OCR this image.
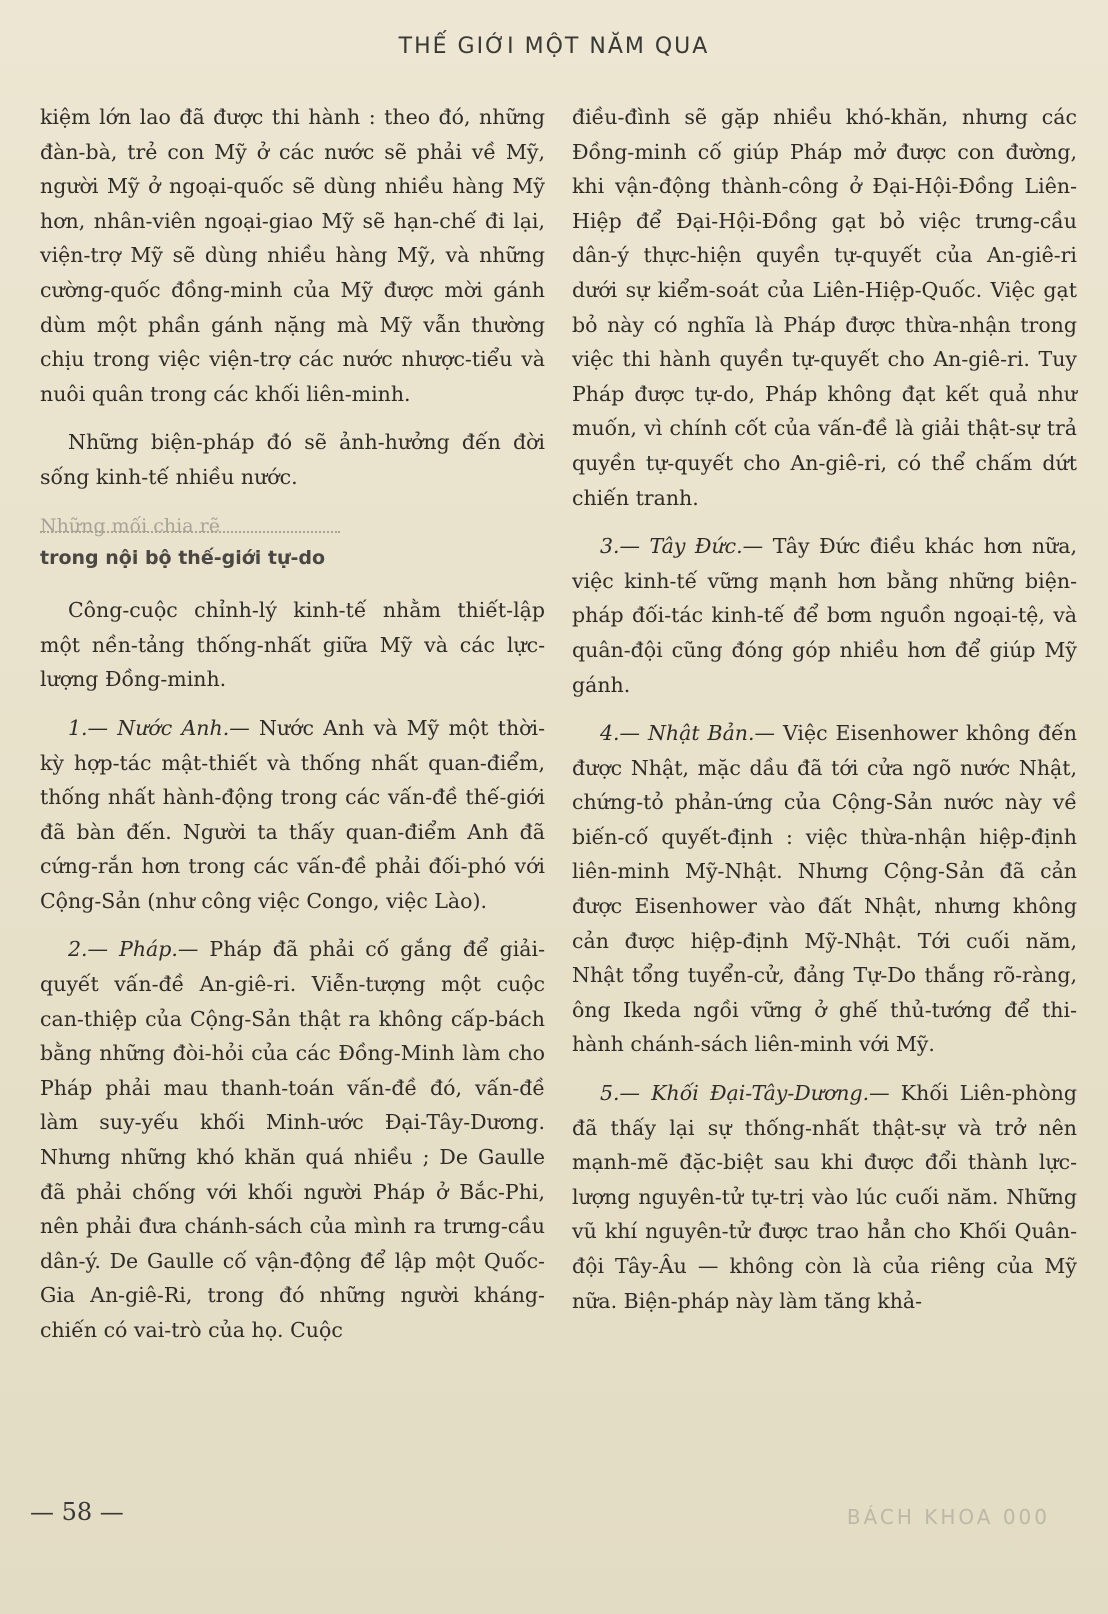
THẾ GIỚI MỘT NĂM QUA

kiệm lớn lao đã được thi hành : theo đó, những đàn-bà, trẻ con Mỹ ở các nước sẽ phải về Mỹ, người Mỹ ở ngoại-quốc sẽ dùng nhiều hàng Mỹ hơn, nhân-viên ngoại-giao Mỹ sẽ hạn-chế đi lại, viện-trợ Mỹ sẽ dùng nhiều hàng Mỹ, và những cường-quốc đồng-minh của Mỹ được mời gánh dùm một phần gánh nặng mà Mỹ vẫn thường chịu trong việc viện-trợ các nước nhược-tiểu và nuôi quân trong các khối liên-minh.

Những biện-pháp đó sẽ ảnh-hưởng đến đời sống kinh-tế nhiều nước.

Những mối chia rẽ
trong nội bộ thế-giới tự-do

Công-cuộc chỉnh-lý kinh-tế nhằm thiết-lập một nền-tảng thống-nhất giữa Mỹ và các lực-lượng Đồng-minh.

1.— Nước Anh.— Nước Anh và Mỹ một thời-kỳ hợp-tác mật-thiết và thống nhất quan-điểm, thống nhất hành-động trong các vấn-đề thế-giới đã bàn đến. Người ta thấy quan-điểm Anh đã cứng-rắn hơn trong các vấn-đề phải đối-phó với Cộng-Sản (như công việc Congo, việc Lào).

2.— Pháp.— Pháp đã phải cố gắng để giải-quyết vấn-đề An-giê-ri. Viễn-tượng một cuộc can-thiệp của Cộng-Sản thật ra không cấp-bách bằng những đòi-hỏi của các Đồng-Minh làm cho Pháp phải mau thanh-toán vấn-đề đó, vấn-đề làm suy-yếu khối Minh-ước Đại-Tây-Dương. Nhưng những khó khăn quá nhiều ; De Gaulle đã phải chống với khối người Pháp ở Bắc-Phi, nên phải đưa chánh-sách của mình ra trưng-cầu dân-ý. De Gaulle cố vận-động để lập một Quốc-Gia An-giê-Ri, trong đó những người kháng-chiến có vai-trò của họ. Cuộc

điều-đình sẽ gặp nhiều khó-khăn, nhưng các Đồng-minh cố giúp Pháp mở được con đường, khi vận-động thành-công ở Đại-Hội-Đồng Liên-Hiệp để Đại-Hội-Đồng gạt bỏ việc trưng-cầu dân-ý thực-hiện quyền tự-quyết của An-giê-ri dưới sự kiểm-soát của Liên-Hiệp-Quốc. Việc gạt bỏ này có nghĩa là Pháp được thừa-nhận trong việc thi hành quyền tự-quyết cho An-giê-ri. Tuy Pháp được tự-do, Pháp không đạt kết quả như muốn, vì chính cốt của vấn-đề là giải thật-sự trả quyền tự-quyết cho An-giê-ri, có thể chấm dứt chiến tranh.

3.— Tây Đức.— Tây Đức điều khác hơn nữa, việc kinh-tế vững mạnh hơn bằng những biện-pháp đối-tác kinh-tế để bơm nguồn ngoại-tệ, và quân-đội cũng đóng góp nhiều hơn để giúp Mỹ gánh.

4.— Nhật Bản.— Việc Eisenhower không đến được Nhật, mặc dầu đã tới cửa ngõ nước Nhật, chứng-tỏ phản-ứng của Cộng-Sản nước này về biến-cố quyết-định : việc thừa-nhận hiệp-định liên-minh Mỹ-Nhật. Nhưng Cộng-Sản đã cản được Eisenhower vào đất Nhật, nhưng không cản được hiệp-định Mỹ-Nhật. Tới cuối năm, Nhật tổng tuyển-cử, đảng Tự-Do thắng rõ-ràng, ông Ikeda ngồi vững ở ghế thủ-tướng để thi-hành chánh-sách liên-minh với Mỹ.

5.— Khối Đại-Tây-Dương.— Khối Liên-phòng đã thấy lại sự thống-nhất thật-sự và trở nên mạnh-mẽ đặc-biệt sau khi được đổi thành lực-lượng nguyên-tử tự-trị vào lúc cuối năm. Những vũ khí nguyên-tử được trao hẳn cho Khối Quân-đội Tây-Âu — không còn là của riêng của Mỹ nữa. Biện-pháp này làm tăng khả-

— 58 —	BÁCH KHOA 000
